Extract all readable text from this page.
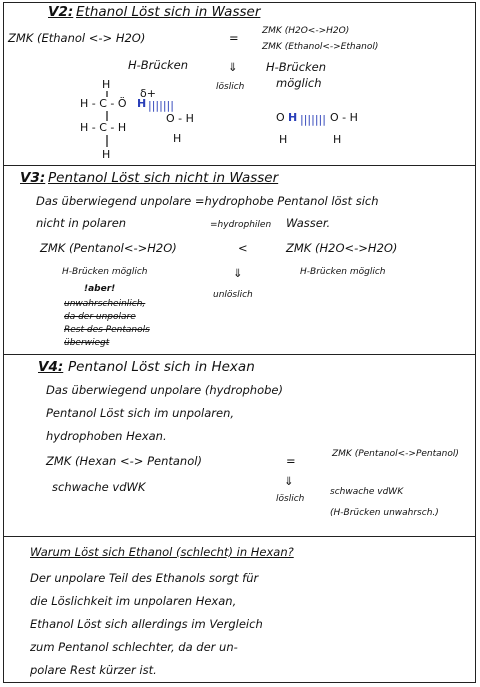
V2: Ethanol Löst sich in Wasser
ZMK (Ethanol <-> H2O)	=	ZMK (H2O<->H2O)
ZMK (Ethanol<->Ethanol)
H-Brücken	H-Brücken
möglich
⇓
löslich
H
H - C - Ö H
δ+
|||||||
O - H
H - C - H
H
H
O H ||||||| O - H
H	H
V3: Pentanol Löst sich nicht in Wasser
Das überwiegend unpolare =hydrophobe Pentanol löst sich
nicht in polaren	=hydrophilen Wasser.
ZMK (Pentanol<->H2O)	<	ZMK (H2O<->H2O)
H-Brücken möglich	H-Brücken möglich
⇓
unlöslich
!aber!
unwahrscheinlich,
da der unpolare
Rest des Pentanols
überwiegt
V4: Pentanol Löst sich in Hexan
Das überwiegend unpolare (hydrophobe)
Pentanol Löst sich im unpolaren,
hydrophoben Hexan.
ZMK (Hexan <-> Pentanol)	=	ZMK (Pentanol<->Pentanol)
schwache vdWK	⇓
löslich
schwache vdWK
(H-Brücken unwahrsch.)
Warum Löst sich Ethanol (schlecht) in Hexan?
Der unpolare Teil des Ethanols sorgt für
die Löslichkeit im unpolaren Hexan,
Ethanol Löst sich allerdings im Vergleich
zum Pentanol schlechter, da der un-
polare Rest kürzer ist.
